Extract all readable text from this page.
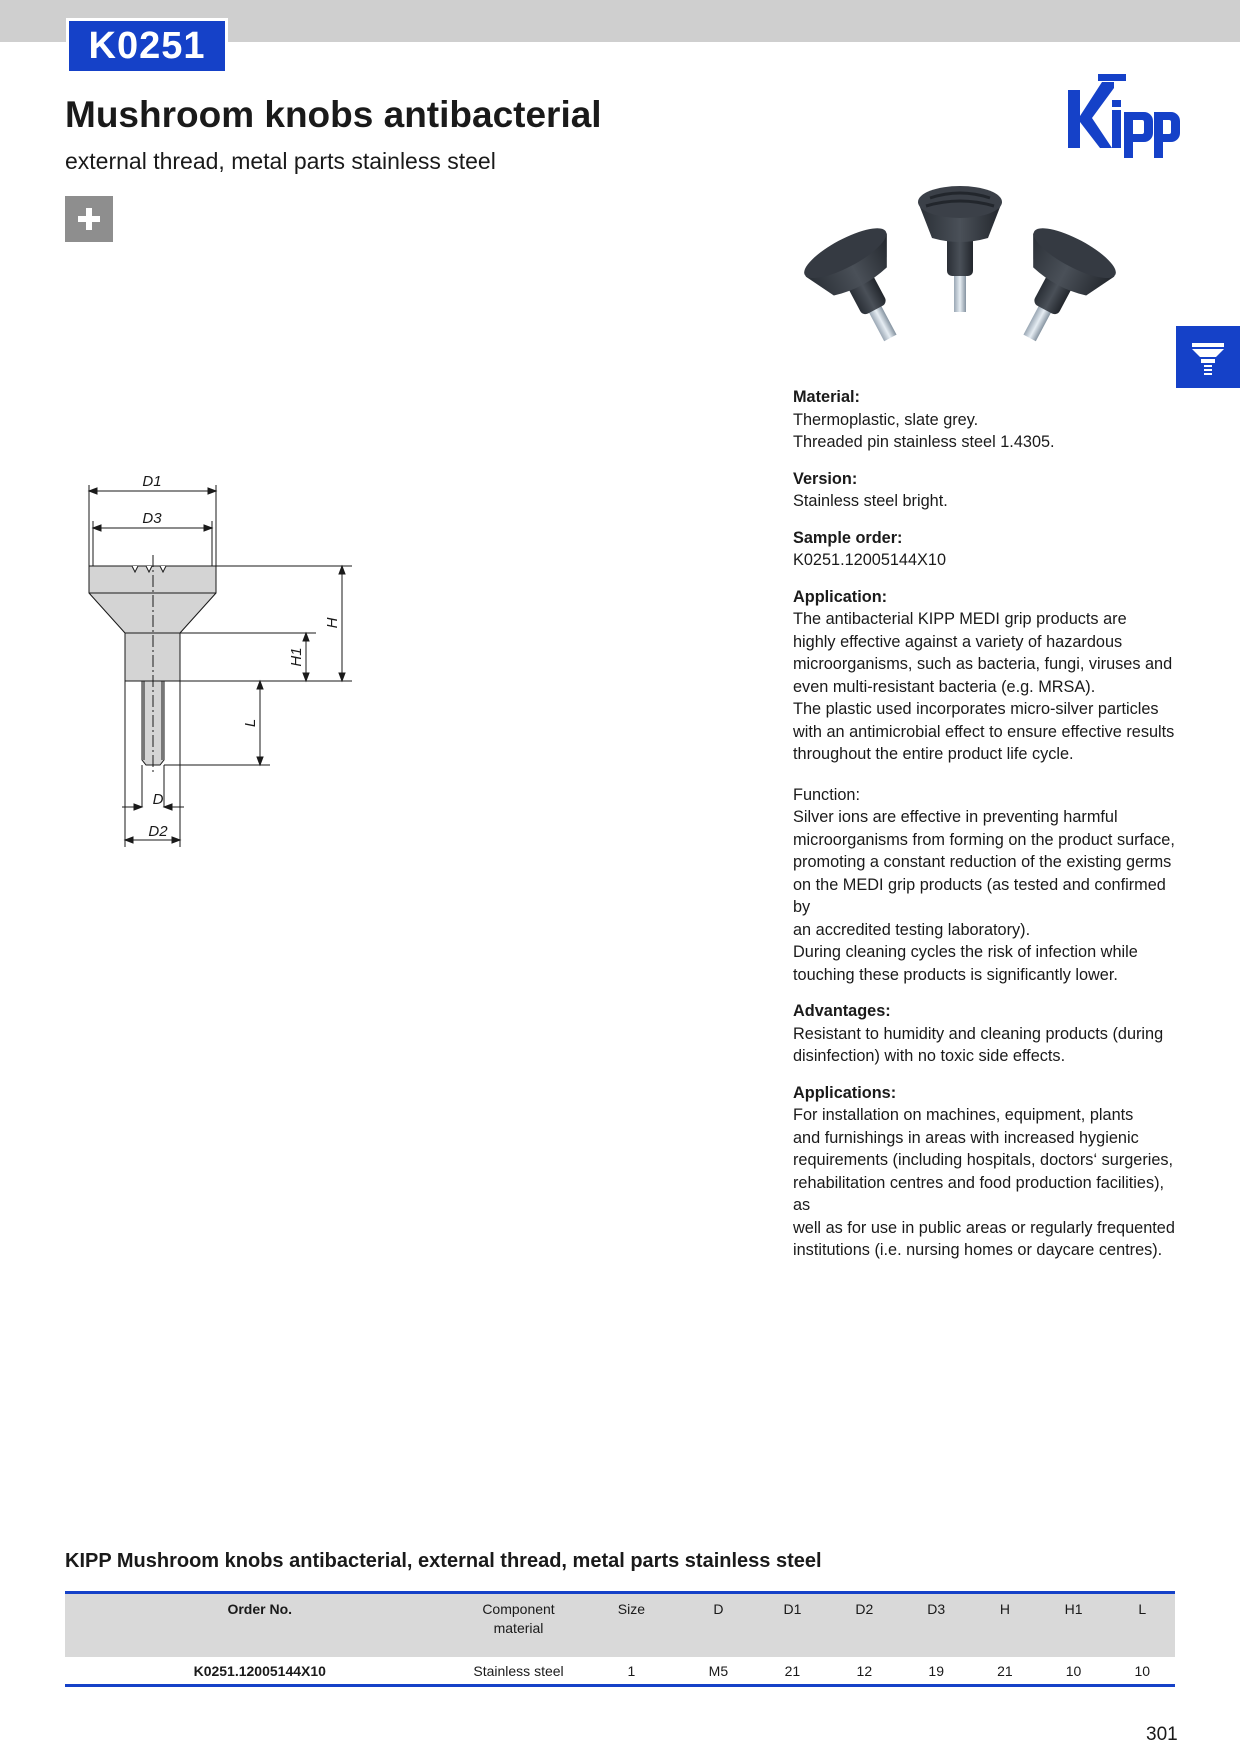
K0251
Mushroom knobs antibacterial

external thread, metal parts stainless steel

D1
D3
H
H1
L
D
D2
Material:
Thermoplastic, slate grey.
Threaded pin stainless steel 1.4305.
Version:
Stainless steel bright.
Sample order:
K0251.12005144X10
Application:
The antibacterial KIPP MEDI grip products are
highly effective against a variety of hazardous
microorganisms, such as bacteria, fungi, viruses and
even multi-resistant bacteria (e.g. MRSA).
The plastic used incorporates micro-silver particles
with an antimicrobial effect to ensure effective results
throughout the entire product life cycle.
Function:
Silver ions are effective in preventing harmful
microorganisms from forming on the product surface,
promoting a constant reduction of the existing germs
on the MEDI grip products (as tested and confirmed by
an accredited testing laboratory).
During cleaning cycles the risk of infection while
touching these products is significantly lower.
Advantages:
Resistant to humidity and cleaning products (during
disinfection) with no toxic side effects.
Applications:
For installation on machines, equipment, plants
and furnishings in areas with increased hygienic
requirements (including hospitals, doctors‘ surgeries,
rehabilitation centres and food production facilities), as
well as for use in public areas or regularly frequented
institutions (i.e. nursing homes or daycare centres).
KIPP Mushroom knobs antibacterial, external thread, metal parts stainless steel
Order No.	Component material	Size	D	D1	D2	D3	H	H1	L
K0251.12005144X10	Stainless steel	1	M5	21	12	19	21	10	10
301
